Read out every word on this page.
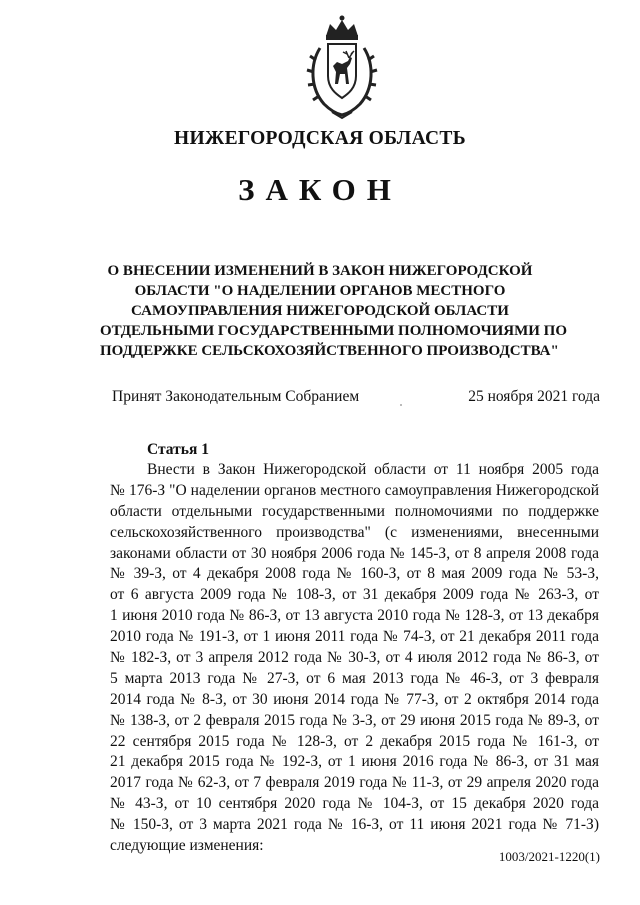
НИЖЕГОРОДСКАЯ ОБЛАСТЬ
ЗАКОН
О ВНЕСЕНИИ ИЗМЕНЕНИЙ В ЗАКОН НИЖЕГОРОДСКОЙ
ОБЛАСТИ "О НАДЕЛЕНИИ ОРГАНОВ МЕСТНОГО
САМОУПРАВЛЕНИЯ НИЖЕГОРОДСКОЙ ОБЛАСТИ
ОТДЕЛЬНЫМИ ГОСУДАРСТВЕННЫМИ ПОЛНОМОЧИЯМИ ПО
ПОДДЕРЖКЕ СЕЛЬСКОХОЗЯЙСТВЕННОГО ПРОИЗВОДСТВА"
Принят Законодательным Собранием	25 ноября 2021 года
Статья 1
Внести в Закон Нижегородской области от 11 ноября 2005 года
№ 176-З "О наделении органов местного самоуправления Нижегородской
области отдельными государственными полномочиями по поддержке
сельскохозяйственного производства" (с изменениями, внесенными
законами области от 30 ноября 2006 года № 145-З, от 8 апреля 2008 года
№ 39-З, от 4 декабря 2008 года № 160-З, от 8 мая 2009 года № 53-З,
от 6 августа 2009 года № 108-З, от 31 декабря 2009 года № 263-З, от
1 июня 2010 года № 86-З, от 13 августа 2010 года № 128-З, от 13 декабря
2010 года № 191-З, от 1 июня 2011 года № 74-З, от 21 декабря 2011 года
№ 182-З, от 3 апреля 2012 года № 30-З, от 4 июля 2012 года № 86-З, от
5 марта 2013 года № 27-З, от 6 мая 2013 года № 46-З, от 3 февраля
2014 года № 8-З, от 30 июня 2014 года № 77-З, от 2 октября 2014 года
№ 138-З, от 2 февраля 2015 года № 3-З, от 29 июня 2015 года № 89-З, от
22 сентября 2015 года № 128-З, от 2 декабря 2015 года № 161-З, от
21 декабря 2015 года № 192-З, от 1 июня 2016 года № 86-З, от 31 мая
2017 года № 62-З, от 7 февраля 2019 года № 11-З, от 29 апреля 2020 года
№ 43-З, от 10 сентября 2020 года № 104-З, от 15 декабря 2020 года
№ 150-З, от 3 марта 2021 года № 16-З, от 11 июня 2021 года № 71-З)
следующие изменения:
1003/2021-1220(1)
